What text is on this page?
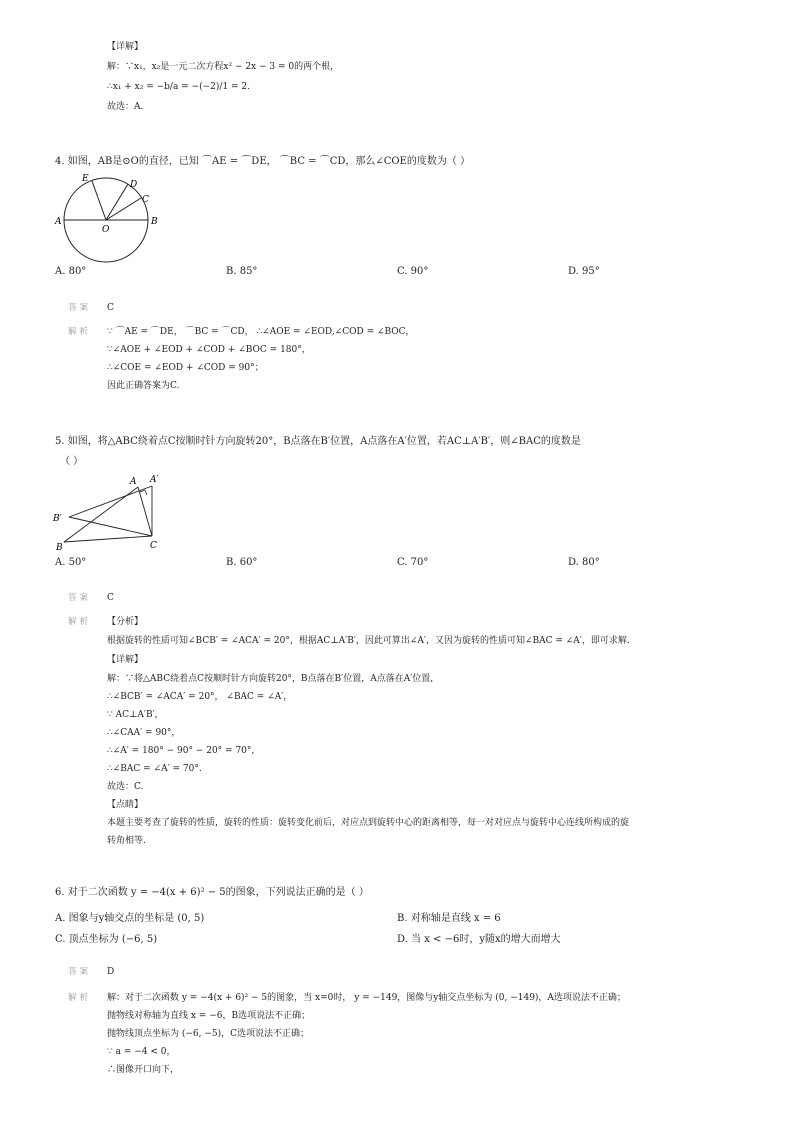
【详解】
解：∵x₁，x₂是一元二次方程x² − 2x − 3 = 0的两个根，
∴x₁ + x₂ = −b/a = −(−2)/1 = 2.
故选：A.
4. 如图，AB是⊙O的直径，已知 ⌒AE = ⌒DE， ⌒BC = ⌒CD，那么∠COE的度数为（ ）
E
D
C
A	B
O
A. 80°	B. 85°	C. 90°	D. 95°
答案 C
解析 ∵ ⌒AE = ⌒DE， ⌒BC = ⌒CD， ∴∠AOE = ∠EOD,∠COD = ∠BOC，
∵∠AOE + ∠EOD + ∠COD + ∠BOC = 180°，
∴∠COE = ∠EOD + ∠COD = 90°；
因此正确答案为C.
5. 如图，将△ABC绕着点C按顺时针方向旋转20°，B点落在B′位置，A点落在A′位置，若AC⊥A′B′，则∠BAC的度数是
（ ）
A A′
B′
B	C
A. 50°	B. 60°	C. 70°	D. 80°
答案 C
解析 【分析】
根据旋转的性质可知∠BCB′ = ∠ACA′ = 20°，根据AC⊥A′B′，因此可算出∠A′，又因为旋转的性质可知∠BAC = ∠A′，即可求解.
【详解】
解：∵将△ABC绕着点C按顺时针方向旋转20°，B点落在B′位置，A点落在A′位置，
∴∠BCB′ = ∠ACA′ = 20°， ∠BAC = ∠A′，
∵ AC⊥A′B′，
∴∠CAA′ = 90°，
∴∠A′ = 180° − 90° − 20° = 70°，
∴∠BAC = ∠A′ = 70°.
故选：C.
【点睛】
本题主要考查了旋转的性质，旋转的性质：旋转变化前后，对应点到旋转中心的距离相等，每一对对应点与旋转中心连线所构成的旋
转角相等.
6. 对于二次函数 y = −4(x + 6)² − 5的图象，下列说法正确的是（ ）
A. 图象与y轴交点的坐标是 (0, 5)	B. 对称轴是直线 x = 6
C. 顶点坐标为 (−6, 5)	D. 当 x < −6时，y随x的增大而增大
答案 D
解析 解：对于二次函数 y = −4(x + 6)² − 5的图象，当 x=0时， y = −149，图像与y轴交点坐标为 (0, −149)，A选项说法不正确；
抛物线对称轴为直线 x = −6，B选项说法不正确；
抛物线顶点坐标为 (−6, −5)，C选项说法不正确；
∵ a = −4 < 0，
∴图像开口向下，
